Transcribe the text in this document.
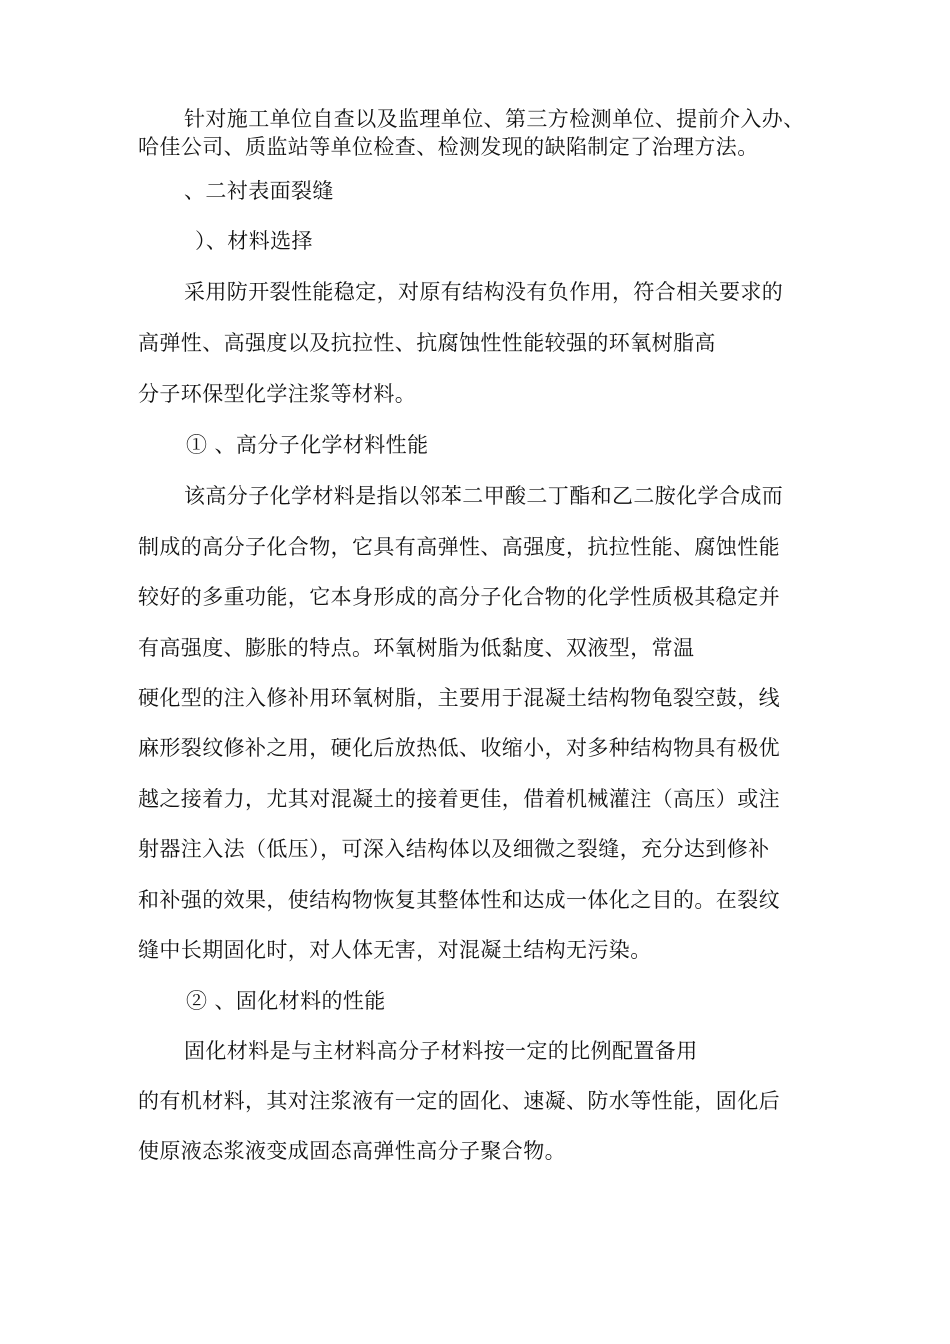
针对施工单位自查以及监理单位、第三方检测单位、提前介入办、
哈佳公司、质监站等单位检查、检测发现的缺陷制定了治理方法。
、二衬表面裂缝
）、材料选择
采用防开裂性能稳定，对原有结构没有负作用，符合相关要求的
高弹性、高强度以及抗拉性、抗腐蚀性性能较强的环氧树脂高
分子环保型化学注浆等材料。
① 、高分子化学材料性能
该高分子化学材料是指以邻苯二甲酸二丁酯和乙二胺化学合成而
制成的高分子化合物，它具有高弹性、高强度，抗拉性能、腐蚀性能
较好的多重功能，它本身形成的高分子化合物的化学性质极其稳定并
有高强度、膨胀的特点。环氧树脂为低黏度、双液型，常温
硬化型的注入修补用环氧树脂，主要用于混凝土结构物龟裂空鼓，线
麻形裂纹修补之用，硬化后放热低、收缩小，对多种结构物具有极优
越之接着力，尤其对混凝土的接着更佳，借着机械灌注（高压）或注
射器注入法（低压），可深入结构体以及细微之裂缝，充分达到修补
和补强的效果，使结构物恢复其整体性和达成一体化之目的。在裂纹
缝中长期固化时，对人体无害，对混凝土结构无污染。
② 、固化材料的性能
固化材料是与主材料高分子材料按一定的比例配置备用
的有机材料，其对注浆液有一定的固化、速凝、防水等性能，固化后
使原液态浆液变成固态高弹性高分子聚合物。
